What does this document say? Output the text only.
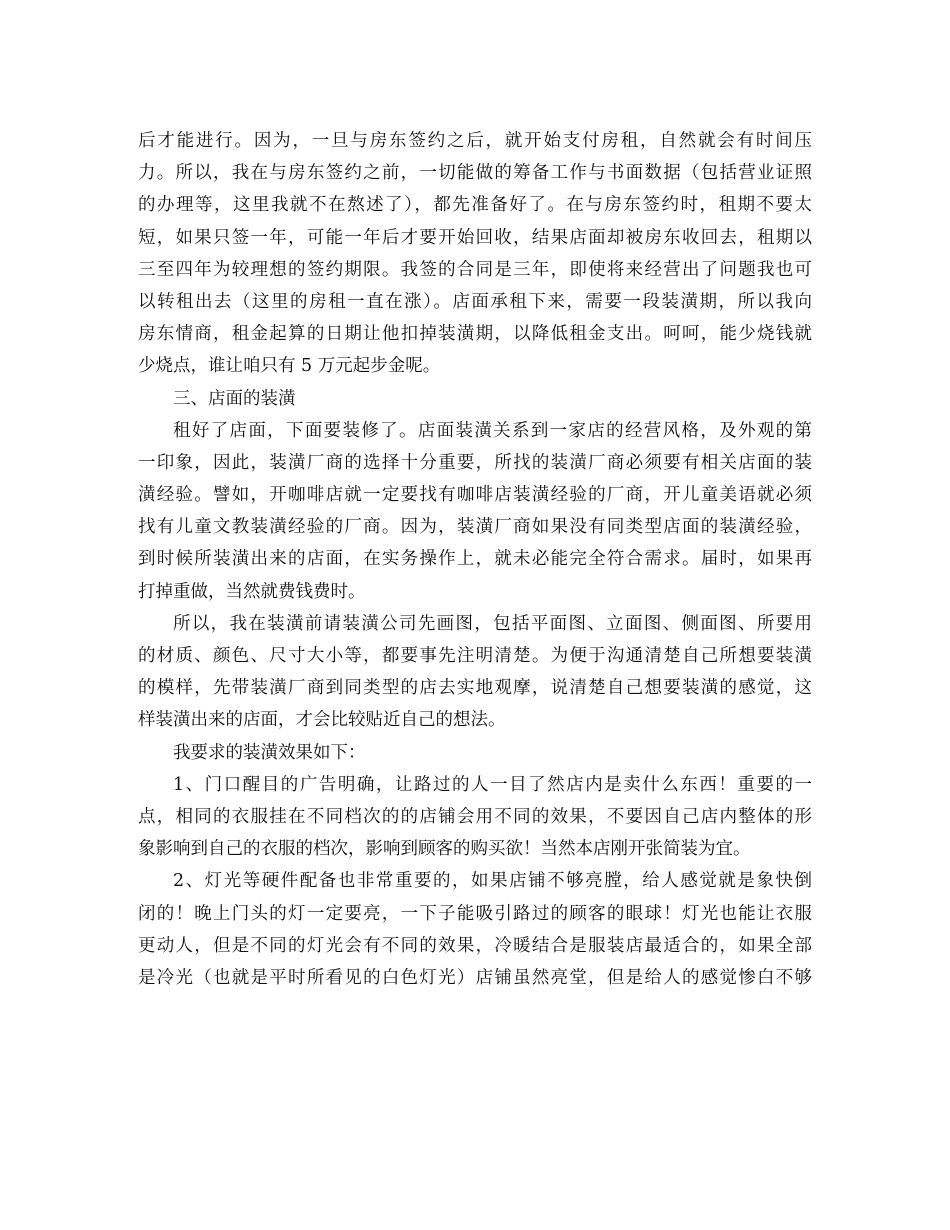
后才能进行。因为，一旦与房东签约之后，就开始支付房租，自然就会有时间压
力。所以，我在与房东签约之前，一切能做的筹备工作与书面数据（包括营业证照
的办理等，这里我就不在熬述了），都先准备好了。在与房东签约时，租期不要太
短，如果只签一年，可能一年后才要开始回收，结果店面却被房东收回去，租期以
三至四年为较理想的签约期限。我签的合同是三年，即使将来经营出了问题我也可
以转租出去（这里的房租一直在涨）。店面承租下来，需要一段装潢期，所以我向
房东情商，租金起算的日期让他扣掉装潢期，以降低租金支出。呵呵，能少烧钱就
少烧点，谁让咱只有 5 万元起步金呢。
三、店面的装潢
租好了店面，下面要装修了。店面装潢关系到一家店的经营风格，及外观的第
一印象，因此，装潢厂商的选择十分重要，所找的装潢厂商必须要有相关店面的装
潢经验。譬如，开咖啡店就一定要找有咖啡店装潢经验的厂商，开儿童美语就必须
找有儿童文教装潢经验的厂商。因为，装潢厂商如果没有同类型店面的装潢经验，
到时候所装潢出来的店面，在实务操作上，就未必能完全符合需求。届时，如果再
打掉重做，当然就费钱费时。
所以，我在装潢前请装潢公司先画图，包括平面图、立面图、侧面图、所要用
的材质、颜色、尺寸大小等，都要事先注明清楚。为便于沟通清楚自己所想要装潢
的模样，先带装潢厂商到同类型的店去实地观摩，说清楚自己想要装潢的感觉，这
样装潢出来的店面，才会比较贴近自己的想法。
我要求的装潢效果如下：
1、门口醒目的广告明确，让路过的人一目了然店内是卖什么东西！重要的一
点，相同的衣服挂在不同档次的的店铺会用不同的效果，不要因自己店内整体的形
象影响到自己的衣服的档次，影响到顾客的购买欲！当然本店刚开张简装为宜。
2、灯光等硬件配备也非常重要的，如果店铺不够亮膛，给人感觉就是象快倒
闭的！晚上门头的灯一定要亮，一下子能吸引路过的顾客的眼球！灯光也能让衣服
更动人，但是不同的灯光会有不同的效果，冷暖结合是服装店最适合的，如果全部
是冷光（也就是平时所看见的白色灯光）店铺虽然亮堂，但是给人的感觉惨白不够
